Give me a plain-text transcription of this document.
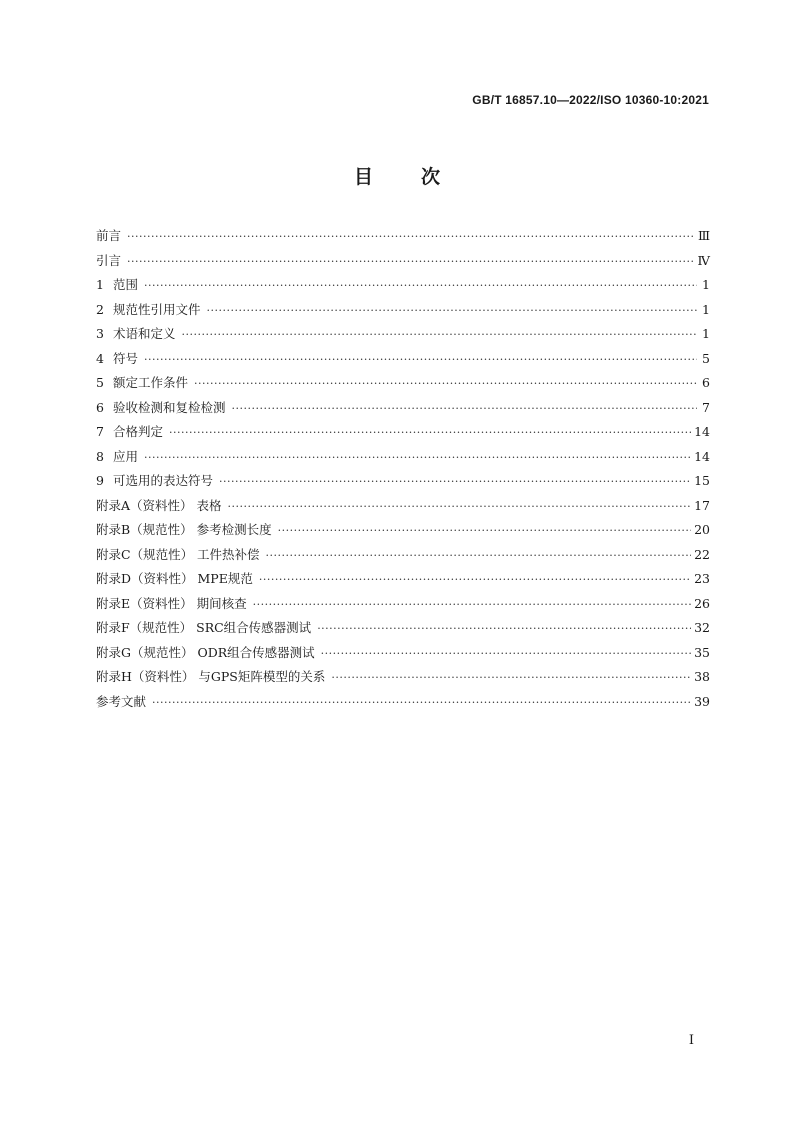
GB/T 16857.10—2022/ISO 10360-10:2021
目次
前言 ·····	Ⅲ
引言 ·····	Ⅳ
1 范围 ·····	1
2 规范性引用文件 ·····	1
3 术语和定义 ·····	1
4 符号 ·····	5
5 额定工作条件 ·····	6
6 验收检测和复检检测 ·····	7
7 合格判定 ·····	14
8 应用 ·····	14
9 可选用的表达符号 ·····	15
附录A（资料性） 表格 ·····	17
附录B（规范性） 参考检测长度 ·····	20
附录C（规范性） 工件热补偿 ·····	22
附录D（资料性） MPE规范 ·····	23
附录E（资料性） 期间核查 ·····	26
附录F（规范性） SRC组合传感器测试 ·····	32
附录G（规范性） ODR组合传感器测试 ·····	35
附录H（资料性） 与GPS矩阵模型的关系 ·····	38
参考文献 ·····	39
I
